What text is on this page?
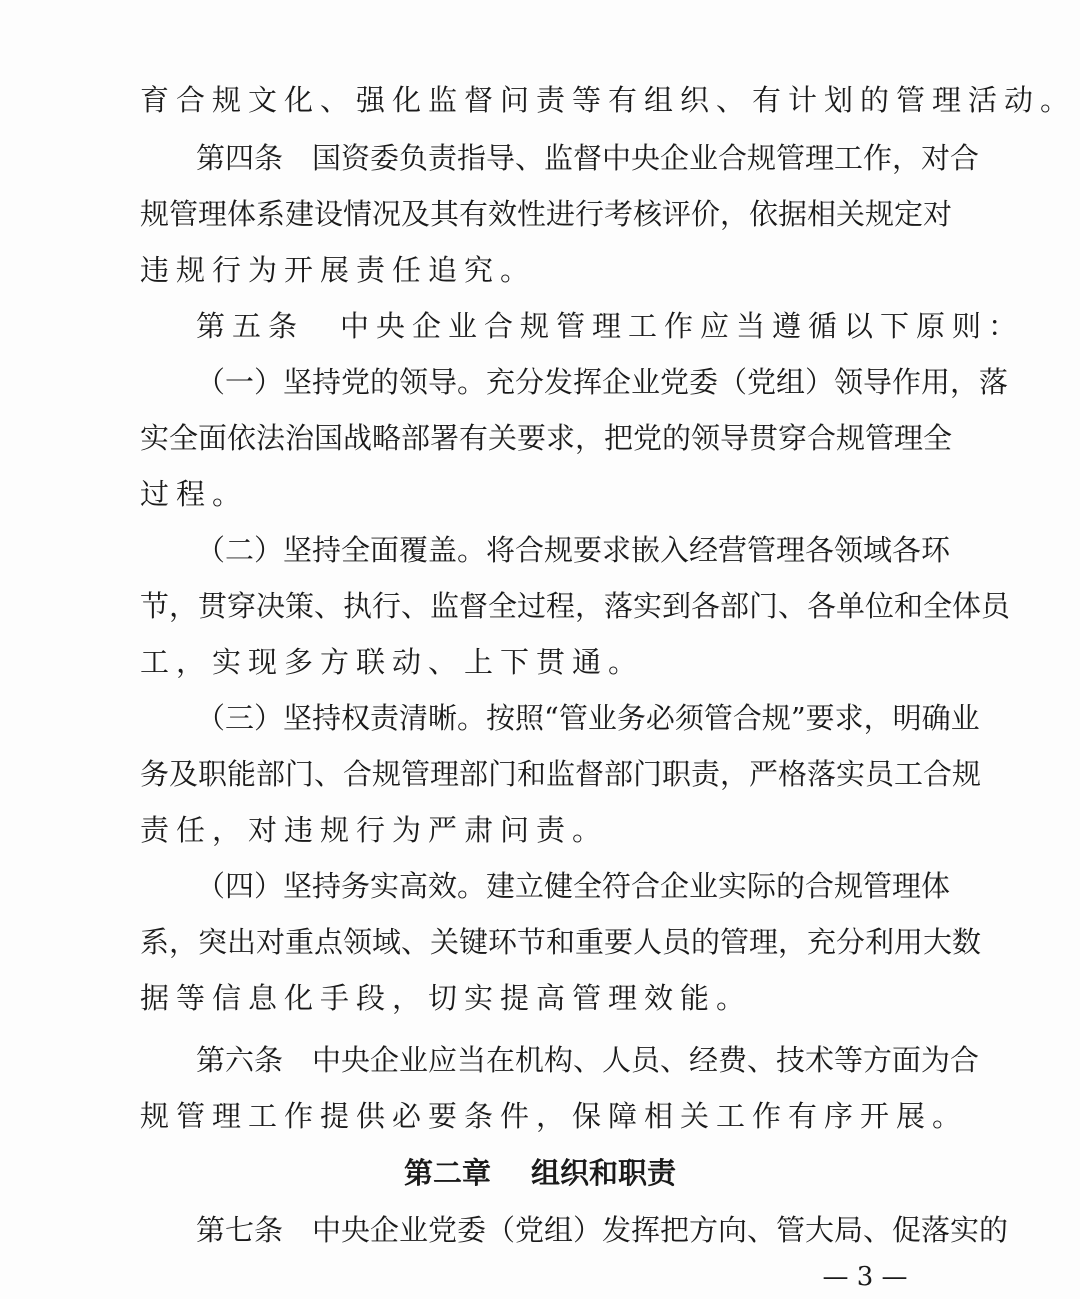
育合规文化、强化监督问责等有组织、有计划的管理活动。
第四条　国资委负责指导、监督中央企业合规管理工作，对合
规管理体系建设情况及其有效性进行考核评价，依据相关规定对
违规行为开展责任追究。
第五条　中央企业合规管理工作应当遵循以下原则：
（一）坚持党的领导。充分发挥企业党委（党组）领导作用，落
实全面依法治国战略部署有关要求，把党的领导贯穿合规管理全
过程。
（二）坚持全面覆盖。将合规要求嵌入经营管理各领域各环
节，贯穿决策、执行、监督全过程，落实到各部门、各单位和全体员
工，实现多方联动、上下贯通。
（三）坚持权责清晰。按照“管业务必须管合规”要求，明确业
务及职能部门、合规管理部门和监督部门职责，严格落实员工合规
责任，对违规行为严肃问责。
（四）坚持务实高效。建立健全符合企业实际的合规管理体
系，突出对重点领域、关键环节和重要人员的管理，充分利用大数
据等信息化手段，切实提高管理效能。
第六条　中央企业应当在机构、人员、经费、技术等方面为合
规管理工作提供必要条件，保障相关工作有序开展。
第二章 组织和职责
第七条　中央企业党委（党组）发挥把方向、管大局、促落实的
— 3 —
